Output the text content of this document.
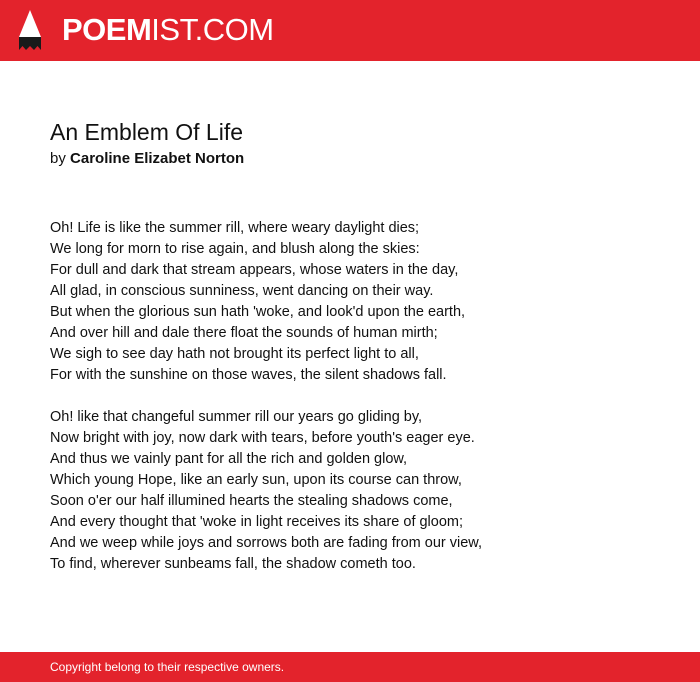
POEMIST.COM
An Emblem Of Life
by Caroline Elizabet Norton
Oh! Life is like the summer rill, where weary daylight dies;
We long for morn to rise again, and blush along the skies:
For dull and dark that stream appears, whose waters in the day,
All glad, in conscious sunniness, went dancing on their way.
But when the glorious sun hath 'woke, and look'd upon the earth,
And over hill and dale there float the sounds of human mirth;
We sigh to see day hath not brought its perfect light to all,
For with the sunshine on those waves, the silent shadows fall.
Oh! like that changeful summer rill our years go gliding by,
Now bright with joy, now dark with tears, before youth's eager eye.
And thus we vainly pant for all the rich and golden glow,
Which young Hope, like an early sun, upon its course can throw,
Soon o'er our half illumined hearts the stealing shadows come,
And every thought that 'woke in light receives its share of gloom;
And we weep while joys and sorrows both are fading from our view,
To find, wherever sunbeams fall, the shadow cometh too.
Copyright belong to their respective owners.
